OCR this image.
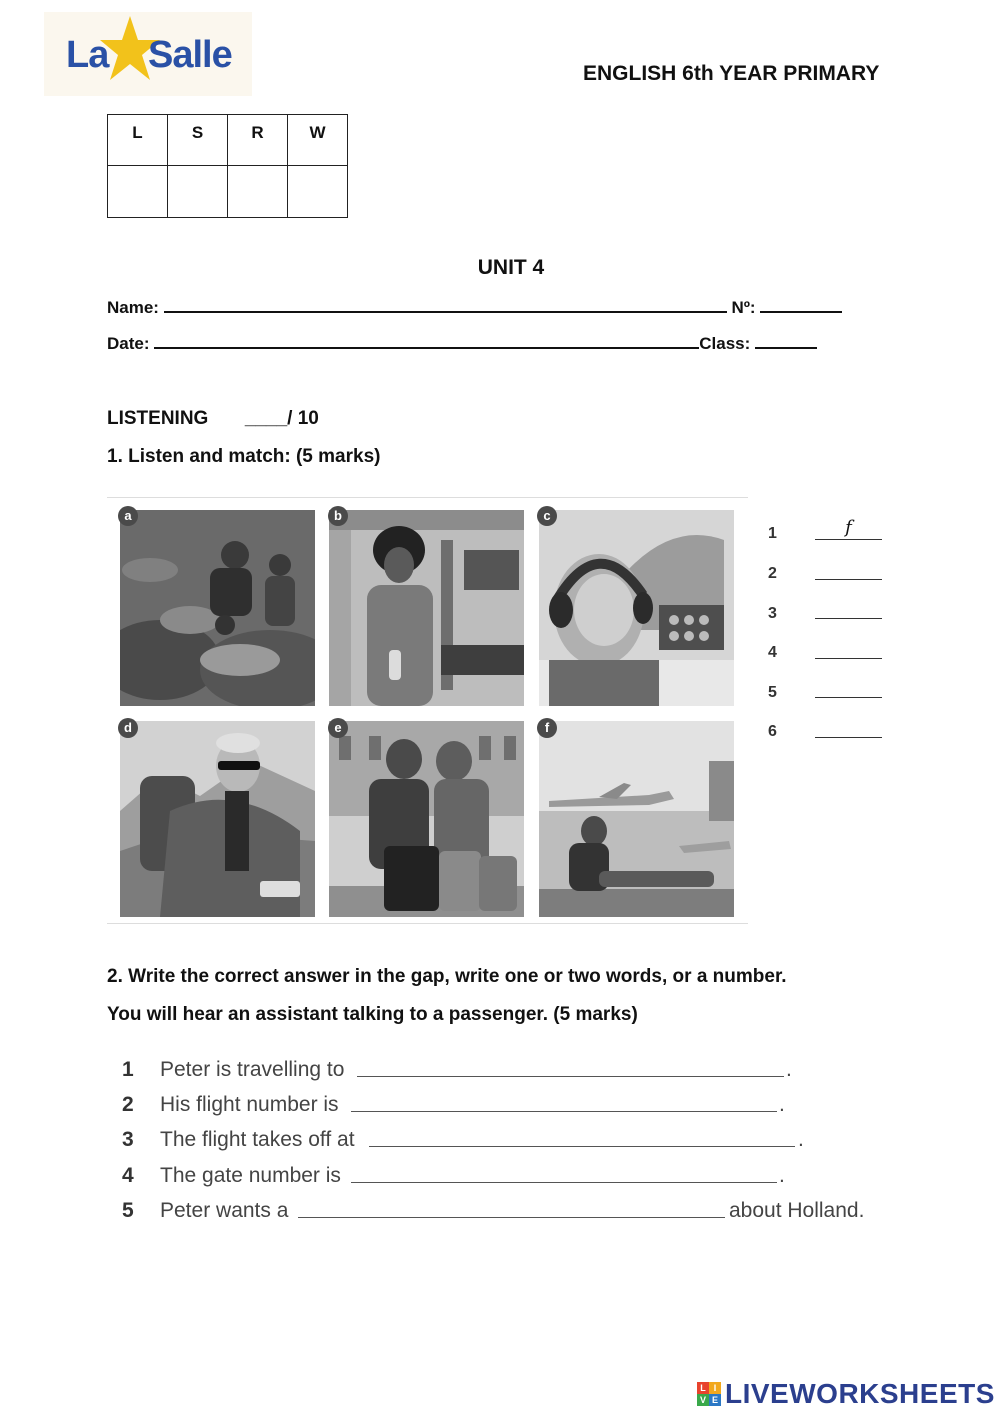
La Salle	ENGLISH 6th YEAR PRIMARY
L	S	R	W

UNIT 4
Name:	Nº:
Date:	Class:
LISTENING ____/ 10
1. Listen and match: (5 marks)
a	b	c
d	e	f
1	f
2
3
4
5
6
2. Write the correct answer in the gap, write one or two words, or a number.
You will hear an assistant talking to a passenger. (5 marks)
1 Peter is travelling to	.
2 His flight number is	.
3 The flight takes off at	.
4 The gate number is	.
5 Peter wants a	about Holland.
L I
V E LIVEWORKSHEETS
